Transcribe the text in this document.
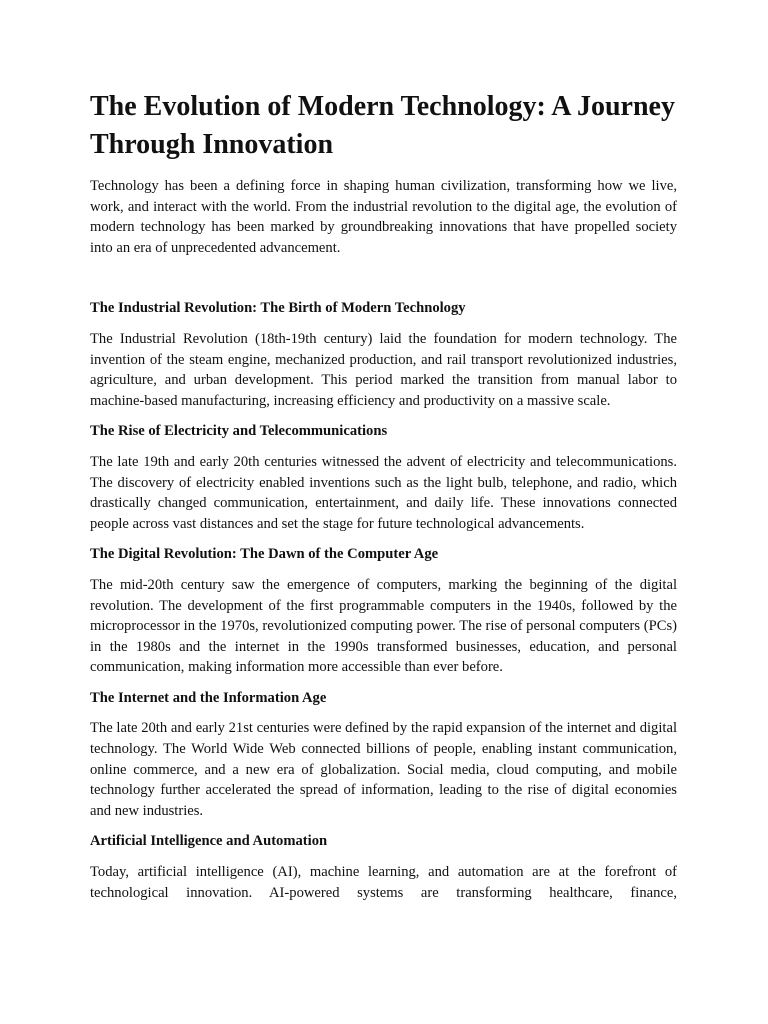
The Evolution of Modern Technology: A Journey Through Innovation

Technology has been a defining force in shaping human civilization, transforming how we live, work, and interact with the world. From the industrial revolution to the digital age, the evolution of modern technology has been marked by groundbreaking innovations that have propelled society into an era of unprecedented advancement.

The Industrial Revolution: The Birth of Modern Technology

The Industrial Revolution (18th-19th century) laid the foundation for modern technology. The invention of the steam engine, mechanized production, and rail transport revolutionized industries, agriculture, and urban development. This period marked the transition from manual labor to machine-based manufacturing, increasing efficiency and productivity on a massive scale.

The Rise of Electricity and Telecommunications

The late 19th and early 20th centuries witnessed the advent of electricity and telecommunications. The discovery of electricity enabled inventions such as the light bulb, telephone, and radio, which drastically changed communication, entertainment, and daily life. These innovations connected people across vast distances and set the stage for future technological advancements.

The Digital Revolution: The Dawn of the Computer Age

The mid-20th century saw the emergence of computers, marking the beginning of the digital revolution. The development of the first programmable computers in the 1940s, followed by the microprocessor in the 1970s, revolutionized computing power. The rise of personal computers (PCs) in the 1980s and the internet in the 1990s transformed businesses, education, and personal communication, making information more accessible than ever before.

The Internet and the Information Age

The late 20th and early 21st centuries were defined by the rapid expansion of the internet and digital technology. The World Wide Web connected billions of people, enabling instant communication, online commerce, and a new era of globalization. Social media, cloud computing, and mobile technology further accelerated the spread of information, leading to the rise of digital economies and new industries.

Artificial Intelligence and Automation

Today, artificial intelligence (AI), machine learning, and automation are at the forefront of technological innovation. AI-powered systems are transforming healthcare, finance,
